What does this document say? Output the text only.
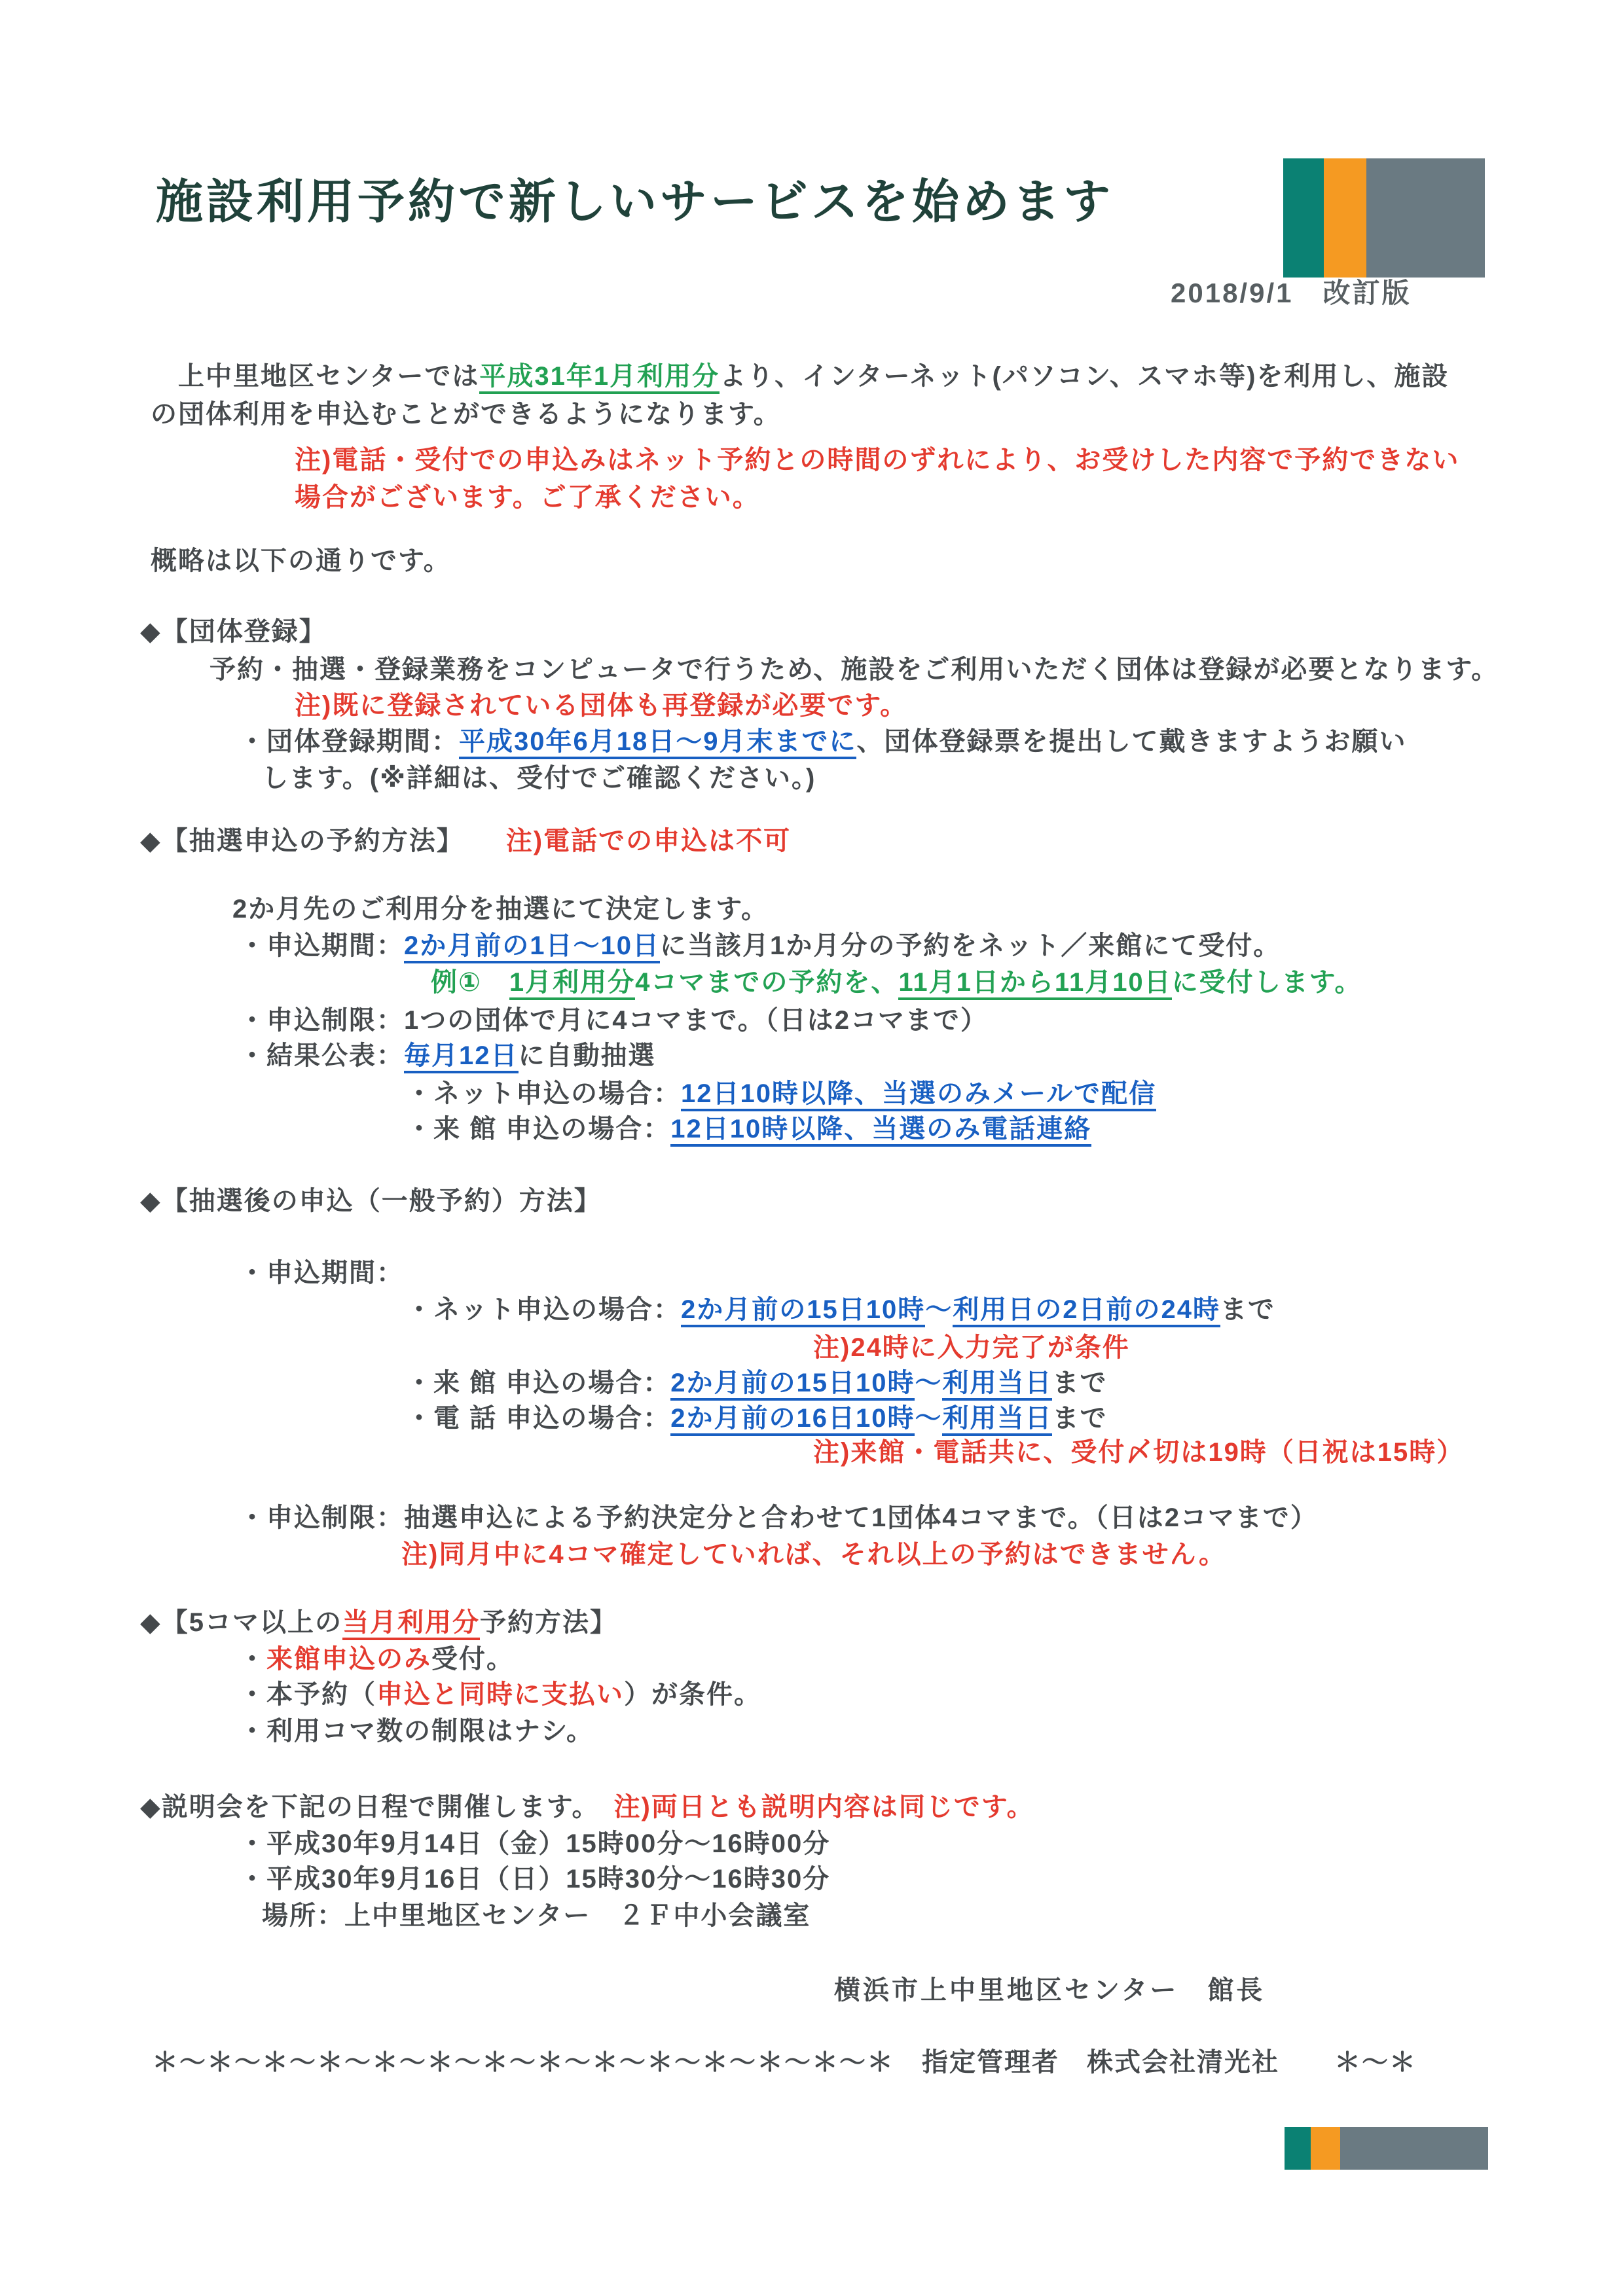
施設利用予約で新しいサービスを始めます
2018/9/1　改訂版
　上中里地区センターでは平成31年1月利用分より、インターネット(パソコン、スマホ等)を利用し、施設
の団体利用を申込むことができるようになります。
注)電話・受付での申込みはネット予約との時間のずれにより、お受けした内容で予約できない
場合がございます。ご了承ください。
概略は以下の通りです。
◆【団体登録】
予約・抽選・登録業務をコンピュータで行うため、施設をご利用いただく団体は登録が必要となります。
注)既に登録されている団体も再登録が必要です。
・団体登録期間：平成30年6月18日～9月末までに、団体登録票を提出して戴きますようお願い
します。(※詳細は、受付でご確認ください。)
◆【抽選申込の予約方法】　　注)電話での申込は不可
2か月先のご利用分を抽選にて決定します。
・申込期間：2か月前の1日～10日に当該月1か月分の予約をネット／来館にて受付。
例①　1月利用分4コマまでの予約を、11月1日から11月10日に受付します。
・申込制限：1つの団体で月に4コマまで。（日は2コマまで）
・結果公表：毎月12日に自動抽選
・ネット申込の場合：12日10時以降、当選のみメールで配信
・来 館 申込の場合：12日10時以降、当選のみ電話連絡
◆【抽選後の申込（一般予約）方法】
・申込期間：
・ネット申込の場合：2か月前の15日10時～利用日の2日前の24時まで
注)24時に入力完了が条件
・来 館 申込の場合：2か月前の15日10時～利用当日まで
・電 話 申込の場合：2か月前の16日10時～利用当日まで
注)来館・電話共に、受付〆切は19時（日祝は15時）
・申込制限：抽選申込による予約決定分と合わせて1団体4コマまで。（日は2コマまで）
注)同月中に4コマ確定していれば、それ以上の予約はできません。
◆【5コマ以上の当月利用分予約方法】
・来館申込のみ受付。
・本予約（申込と同時に支払い）が条件。
・利用コマ数の制限はナシ。
◆説明会を下記の日程で開催します。　注)両日とも説明内容は同じです。
・平成30年9月14日（金）15時00分～16時00分
・平成30年9月16日（日）15時30分～16時30分
場所：上中里地区センター　２Ｆ中小会議室
横浜市上中里地区センター　館長
＊～＊～＊～＊～＊～＊～＊～＊～＊～＊～＊～＊～＊～＊　指定管理者　株式会社清光社　　＊～＊
